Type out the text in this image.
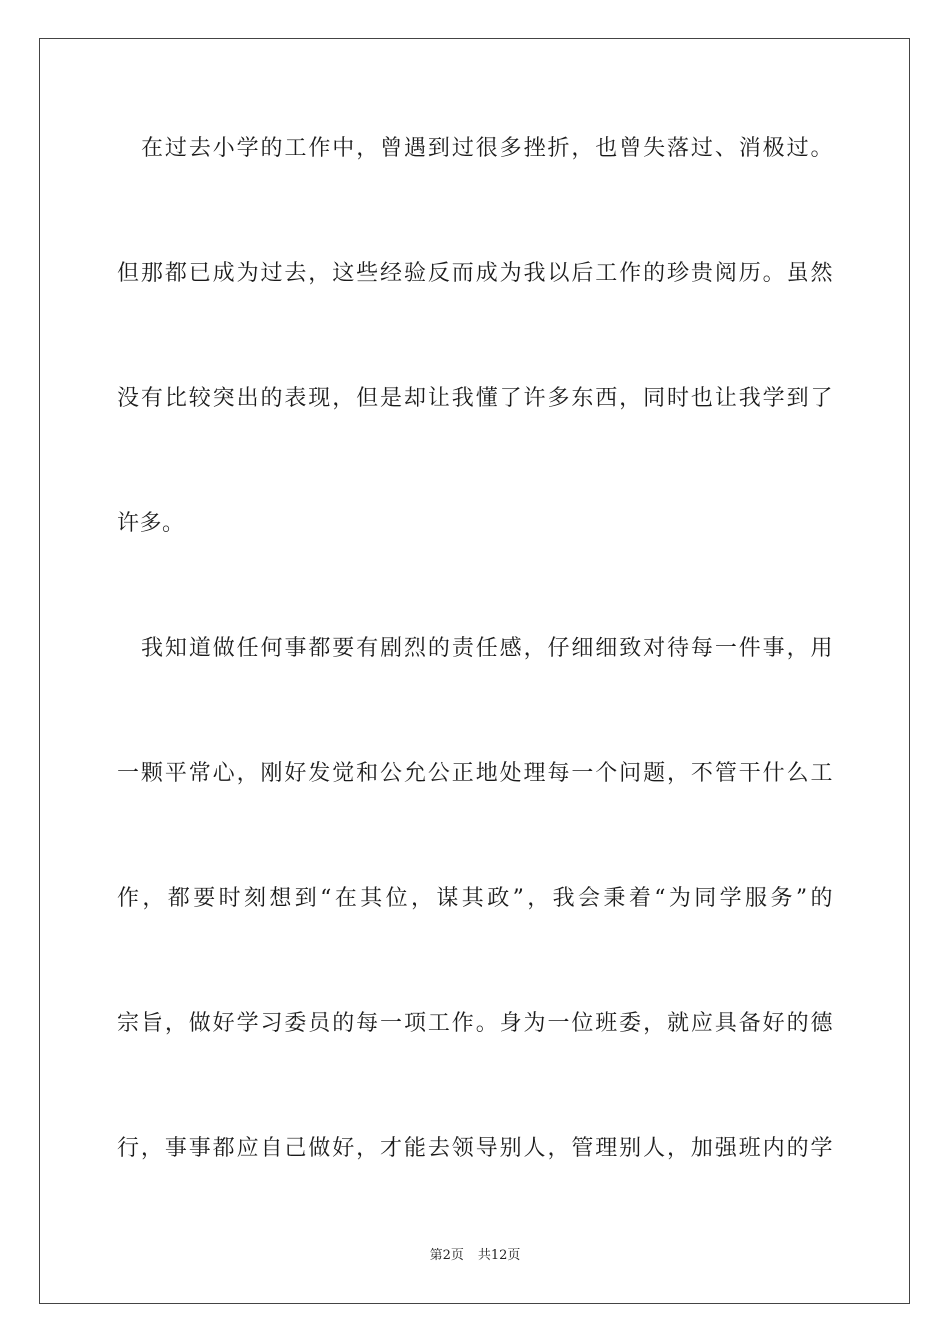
在过去小学的工作中，曾遇到过很多挫折，也曾失落过、消极过。
但那都已成为过去，这些经验反而成为我以后工作的珍贵阅历。虽然
没有比较突出的表现，但是却让我懂了许多东西，同时也让我学到了
许多。
我知道做任何事都要有剧烈的责任感，仔细细致对待每一件事，用
一颗平常心，刚好发觉和公允公正地处理每一个问题，不管干什么工
作，都要时刻想到“在其位，谋其政”，我会秉着“为同学服务”的
宗旨，做好学习委员的每一项工作。身为一位班委，就应具备好的德
行，事事都应自己做好，才能去领导别人，管理别人，加强班内的学
第2页 共12页
